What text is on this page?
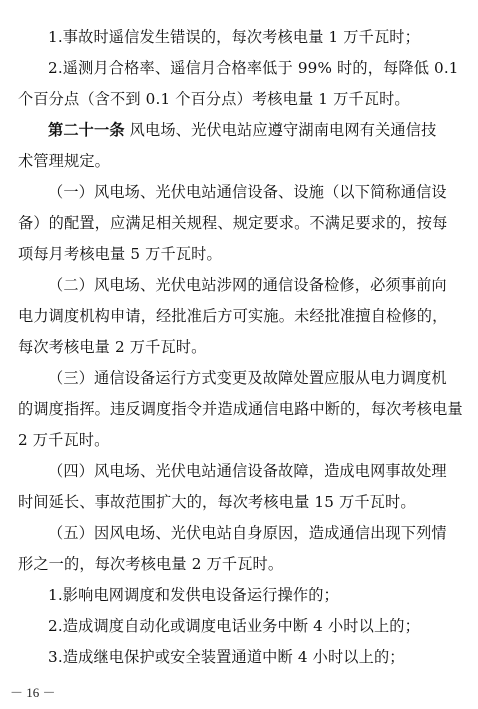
1.事故时遥信发生错误的，每次考核电量 1 万千瓦时；
2.遥测月合格率、遥信月合格率低于 99% 时的，每降低 0.1
个百分点（含不到 0.1 个百分点）考核电量 1 万千瓦时。
第二十一条 风电场、光伏电站应遵守湖南电网有关通信技
术管理规定。
（一）风电场、光伏电站通信设备、设施（以下简称通信设
备）的配置，应满足相关规程、规定要求。不满足要求的，按每
项每月考核电量 5 万千瓦时。
（二）风电场、光伏电站涉网的通信设备检修，必须事前向
电力调度机构申请，经批准后方可实施。未经批准擅自检修的，
每次考核电量 2 万千瓦时。
（三）通信设备运行方式变更及故障处置应服从电力调度机
的调度指挥。违反调度指令并造成通信电路中断的，每次考核电量
2 万千瓦时。
（四）风电场、光伏电站通信设备故障，造成电网事故处理
时间延长、事故范围扩大的，每次考核电量 15 万千瓦时。
（五）因风电场、光伏电站自身原因，造成通信出现下列情
形之一的，每次考核电量 2 万千瓦时。
1.影响电网调度和发供电设备运行操作的；
2.造成调度自动化或调度电话业务中断 4 小时以上的；
3.造成继电保护或安全装置通道中断 4 小时以上的；
－ 16 －
